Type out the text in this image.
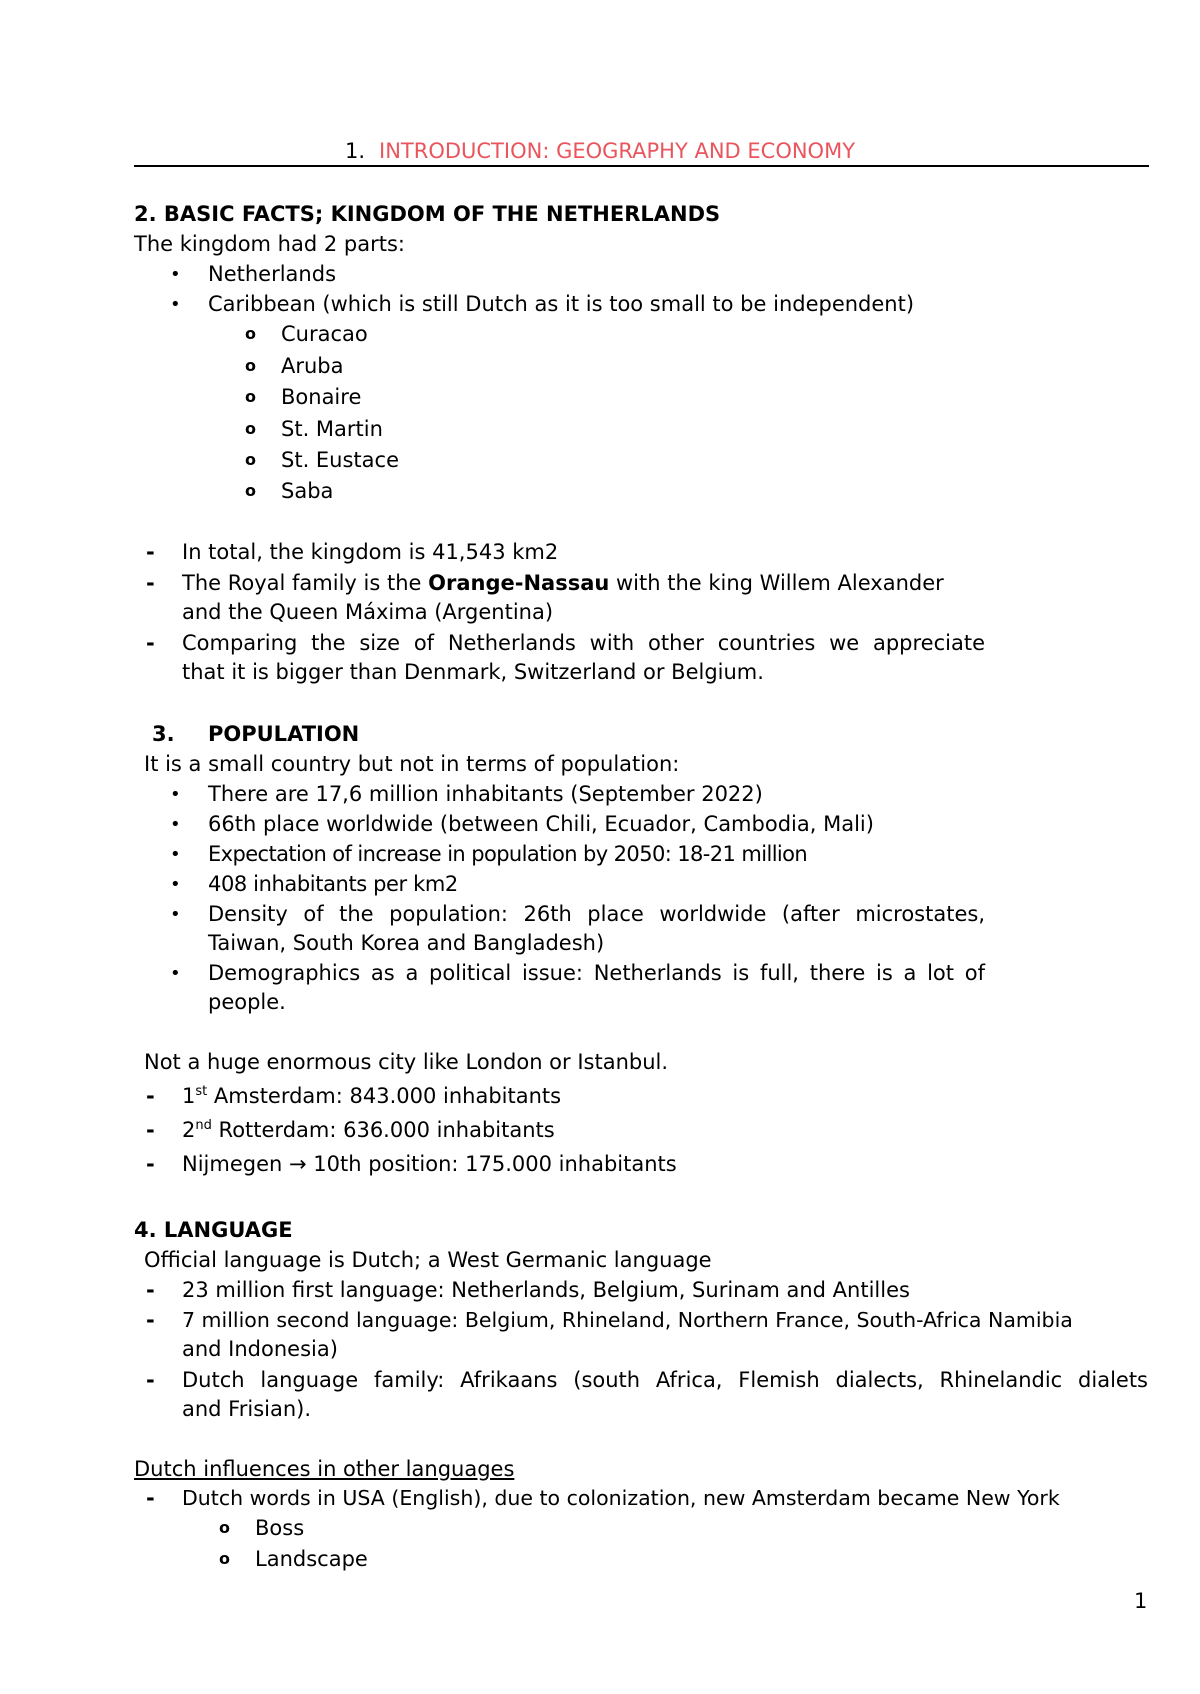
1. INTRODUCTION: GEOGRAPHY AND ECONOMY
2. BASIC FACTS; KINGDOM OF THE NETHERLANDS
The kingdom had 2 parts:
• Netherlands
• Caribbean (which is still Dutch as it is too small to be independent)
o Curacao
o Aruba
o Bonaire
o St. Martin
o St. Eustace
o Saba
- In total, the kingdom is 41,543 km2
- The Royal family is the Orange-Nassau with the king Willem Alexander
and the Queen Máxima (Argentina)
- Comparing the size of Netherlands with other countries we appreciate
that it is bigger than Denmark, Switzerland or Belgium.
3. POPULATION
It is a small country but not in terms of population:
• There are 17,6 million inhabitants (September 2022)
• 66th place worldwide (between Chili, Ecuador, Cambodia, Mali)
• Expectation of increase in population by 2050: 18-21 million
• 408 inhabitants per km2
• Density of the population: 26th place worldwide (after microstates,
Taiwan, South Korea and Bangladesh)
• Demographics as a political issue: Netherlands is full, there is a lot of
people.
Not a huge enormous city like London or Istanbul.
- 1st Amsterdam: 843.000 inhabitants
- 2nd Rotterdam: 636.000 inhabitants
- Nijmegen → 10th position: 175.000 inhabitants
4. LANGUAGE
Official language is Dutch; a West Germanic language
- 23 million first language: Netherlands, Belgium, Surinam and Antilles
- 7 million second language: Belgium, Rhineland, Northern France, South-Africa Namibia
and Indonesia)
- Dutch language family: Afrikaans (south Africa, Flemish dialects, Rhinelandic dialets
and Frisian).
Dutch influences in other languages
- Dutch words in USA (English), due to colonization, new Amsterdam became New York
o Boss
o Landscape
1
